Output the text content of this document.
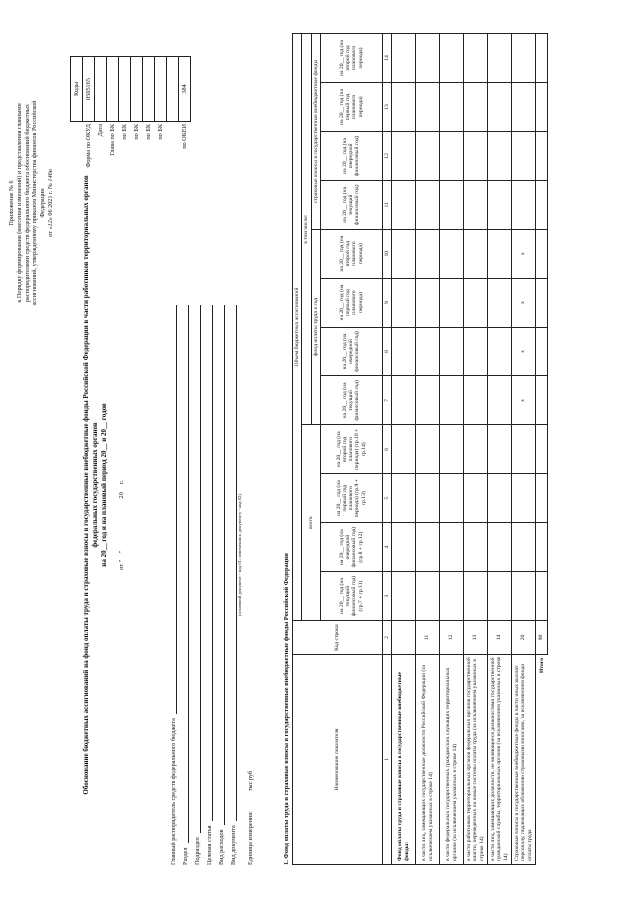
Приложение № 6 к Порядку формирования (внесения изменений) и представления главными распорядителями средств федерального бюджета обоснований бюджетных ассигнований, утвержденному приказом Министерства финансов Российской Федерации
от «12» 06 2021 г. № 146н
Обоснование бюджетных ассигнований на фонд оплаты труда и страховые взносы в государственные внебюджетные фонды Российской Федерации в части работников территориальных органов федеральных государственных органов на 20__ год и на плановый период 20__ и 20__ годов от "    "                                20     г.
	Коды
Форма по ОКУД	0505165
Дата	
Глава по БК	
по БК	
по БК	
по БК	
по БК	

по ОКЕИ	384
Главный распорядитель средств федерального бюджета Раздел Подраздел Целевая статья Вид расходов Вид документа
(основной документ - код 01; изменения к документу - код 02)
Единица измерения:
тыс руб	1. Фонд оплаты труда и страховые взносы в государственные внебюджетные фонды Российской Федерации	Наименование показателя	Код строки	Объем бюджетных ассигнований											
		всего				в том числе:							
						фонд оплаты труда в год				страховые взносы в государственные внебюджетные фонды			
		на 20__ год (на текущий финансовый год) (гр.7 + гр.11)	на 20__ год (на очередной финансовый год) (гр.8 + гр.12)	на 20__ год (на первый год планового периода) (гр.9 + гр.13)	на 20__ год (на второй год планового периода) (гр.10 + гр.14)	на 20__ год (на текущий финансовый год)	на 20__ год (на очередной финансовый год)	на 20__ год (на первый год планового периода)	на 20__ год (на второй год планового периода)	на 20__ год (на текущий финансовый год)	на 20__ год (на очередной финансовый год)	на 20__ год (на первый год планового периода)	на 20__ год (на второй год планового периода)
1	2	3	4	5	6	7	8	9	10	11	12	13	14
Фонд оплаты труда и страховые взносы в государственные внебюджетные фонды:													
в части лиц, замещающих государственные должности Российской Федерации (за исключением указанных в строке 14)	11												
в части федеральных государственных гражданских служащих территориальных органов (за исключением указанных в строке 14)	12												
в части работников территориальных органов федеральных органов государственной власти, переведенных на новые системы оплаты труда (за исключением указанных в строке 14)	13												
в части лиц, замещающих должности, не являющиеся должностями государственной гражданской службы, территориальных органов (за исключением указанных в строке 14)	14												
Страховые взносы в государственные внебюджетные фонды в части иных выплат персоналу, подлежащих обложению страховыми взносами, за исключением фонда оплаты труда	20					x	x	x	x				
Итого	90												
